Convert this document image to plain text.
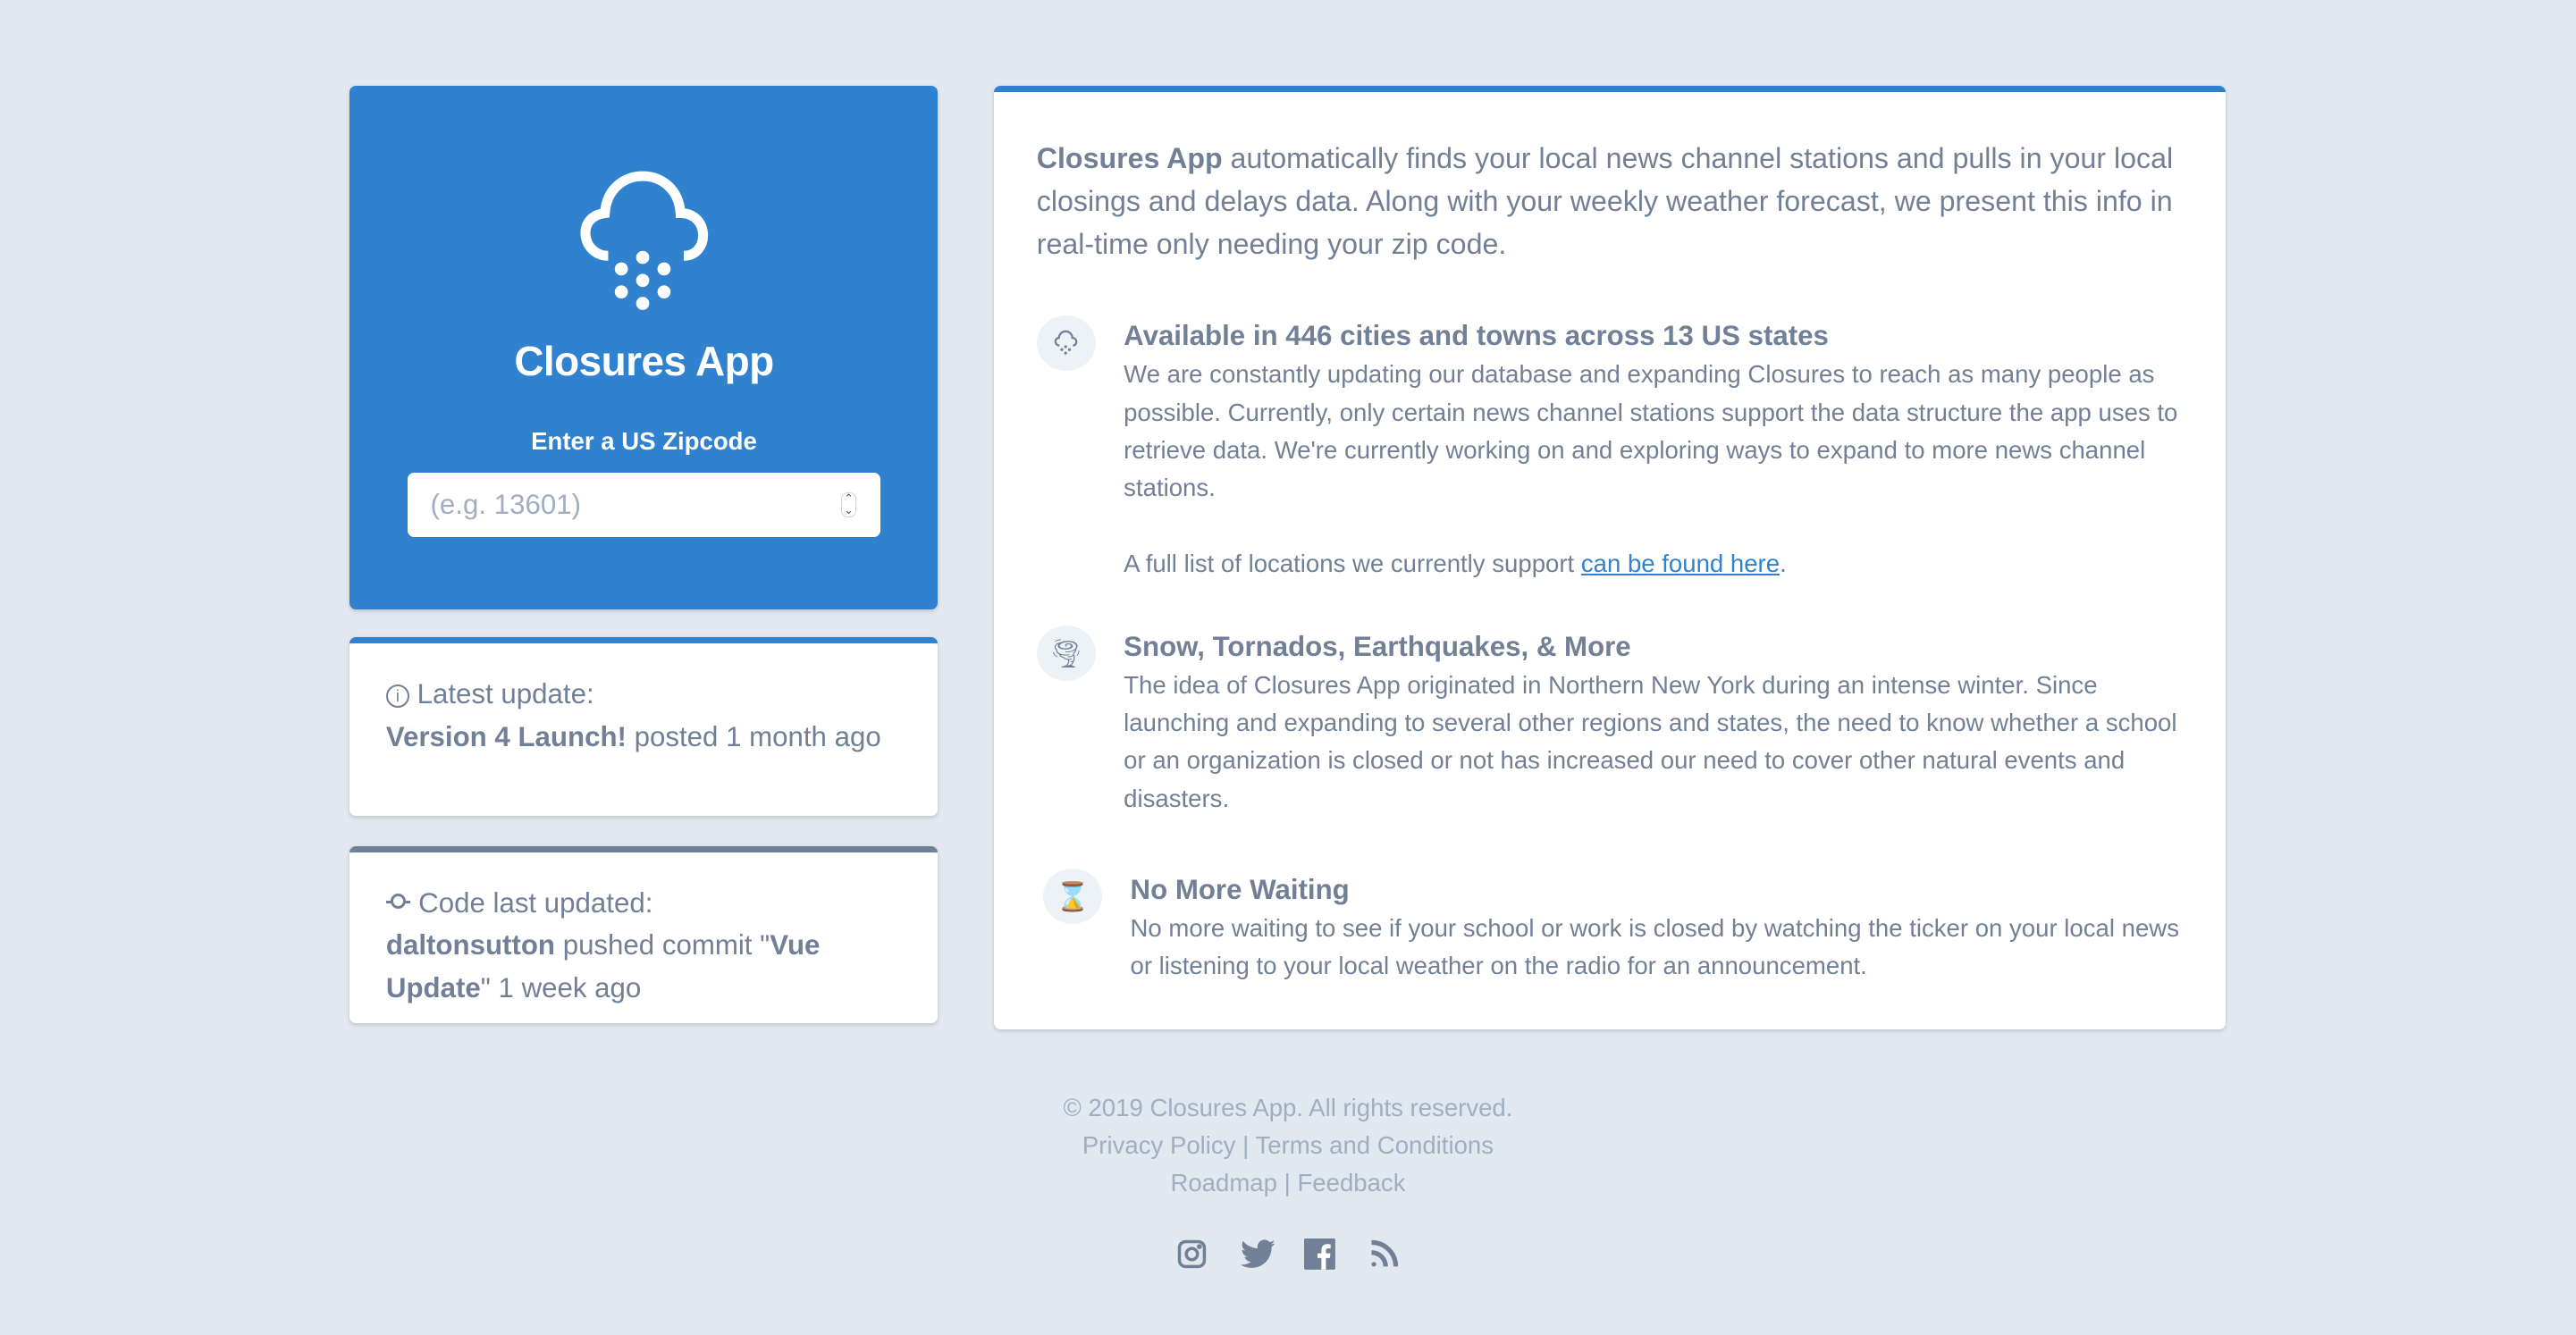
Closures App
Enter a US Zipcode
(e.g. 13601)
⌃
⌄
i Latest update:
Version 4 Launch! posted 1 month ago
Code last updated:
daltonsutton pushed commit "Vue Update" 1 week ago

Closures App automatically finds your local news channel stations and pulls in your local closings and delays data. Along with your weekly weather forecast, we present this info in real-time only needing your zip code.

Available in 446 cities and towns across 13 US states

We are constantly updating our database and expanding Closures to reach as many people as possible. Currently, only certain news channel stations support the data structure the app uses to retrieve data. We're currently working on and exploring ways to expand to more news channel stations.

A full list of locations we currently support can be found here.

🌪	Snow, Tornados, Earthquakes, & More

The idea of Closures App originated in Northern New York during an intense winter. Since launching and expanding to several other regions and states, the need to know whether a school or an organization is closed or not has increased our need to cover other natural events and disasters.

⌛	No More Waiting

No more waiting to see if your school or work is closed by watching the ticker on your local news or listening to your local weather on the radio for an announcement.

© 2019 Closures App. All rights reserved.
Privacy Policy | Terms and Conditions
Roadmap | Feedback
